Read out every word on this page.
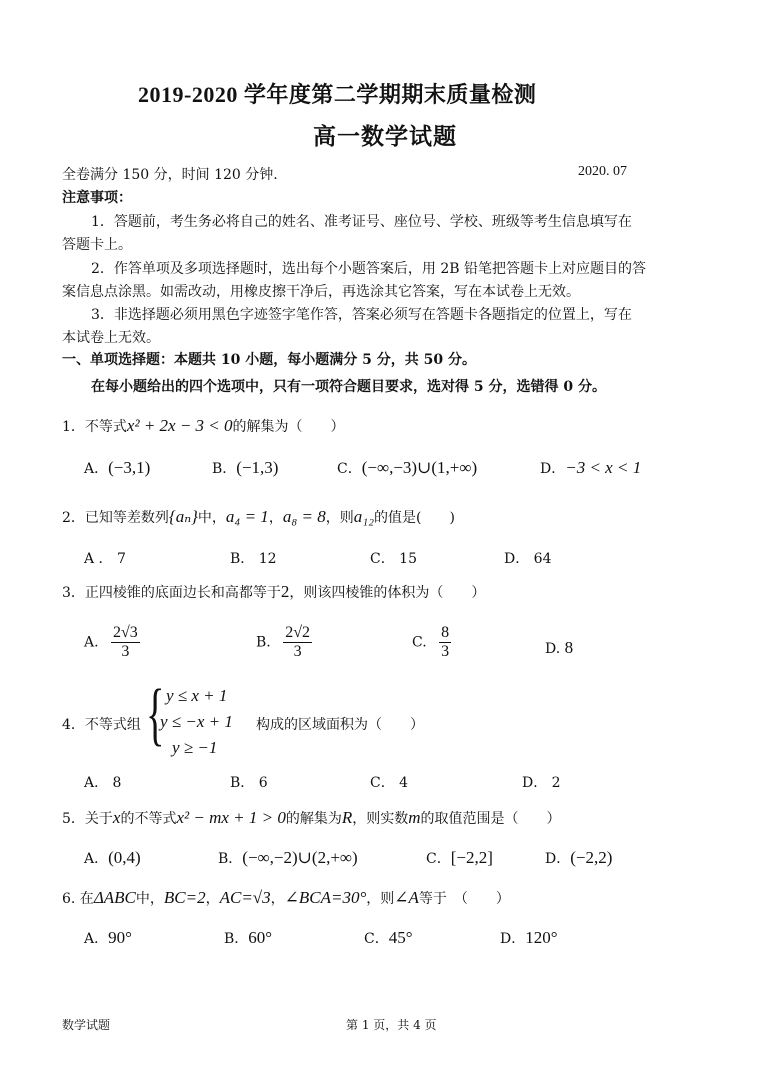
2019-2020 学年度第二学期期末质量检测
高一数学试题
全卷满分 150 分，时间 120 分钟.	2020. 07
注意事项：
1．答题前，考生务必将自己的姓名、准考证号、座位号、学校、班级等考生信息填写在
答题卡上。
2．作答单项及多项选择题时，选出每个小题答案后，用 2B 铅笔把答题卡上对应题目的答
案信息点涂黑。如需改动，用橡皮擦干净后，再选涂其它答案，写在本试卷上无效。
3．非选择题必须用黑色字迹签字笔作答，答案必须写在答题卡各题指定的位置上，写在
本试卷上无效。
一、单项选择题：本题共 10 小题，每小题满分 5 分，共 50 分。
在每小题给出的四个选项中，只有一项符合题目要求，选对得 5 分，选错得 0 分。
1．不等式x² + 2x − 3 < 0的解集为（　　）
A．(−3,1)	B．(−1,3)	C．(−∞,−3)∪(1,+∞)	D．−3 < x < 1
2．已知等差数列{aₙ}中，a₄ = 1，a₈ = 8，则a₁₂的值是(　　)
A ． 7	B． 12	C． 15	D． 64
3．正四棱锥的底面边长和高都等于2，则该四棱锥的体积为（　　）
A. $\frac{2√3}{3}$	B. $\frac{2√2}{3}$	C. $\frac{8}{3}$	D. 8
4．不等式组 { y ≤ x + 1
y ≤ −x + 1
y ≥ −1
构成的区域面积为（　　）
A． 8	B． 6	C． 4	D． 2
5．关于x的不等式x² − mx + 1 > 0的解集为R，则实数m的取值范围是（　　）
A．(0,4)	B．(−∞,−2)∪(2,+∞)	C．[−2,2]	D．(−2,2)
6. 在ΔABC中，BC=2，AC=√3，∠BCA=30°，则∠A等于　（　　）
A．90°	B．60°	C．45°	D．120°
数学试题	第 1 页，共 4 页
